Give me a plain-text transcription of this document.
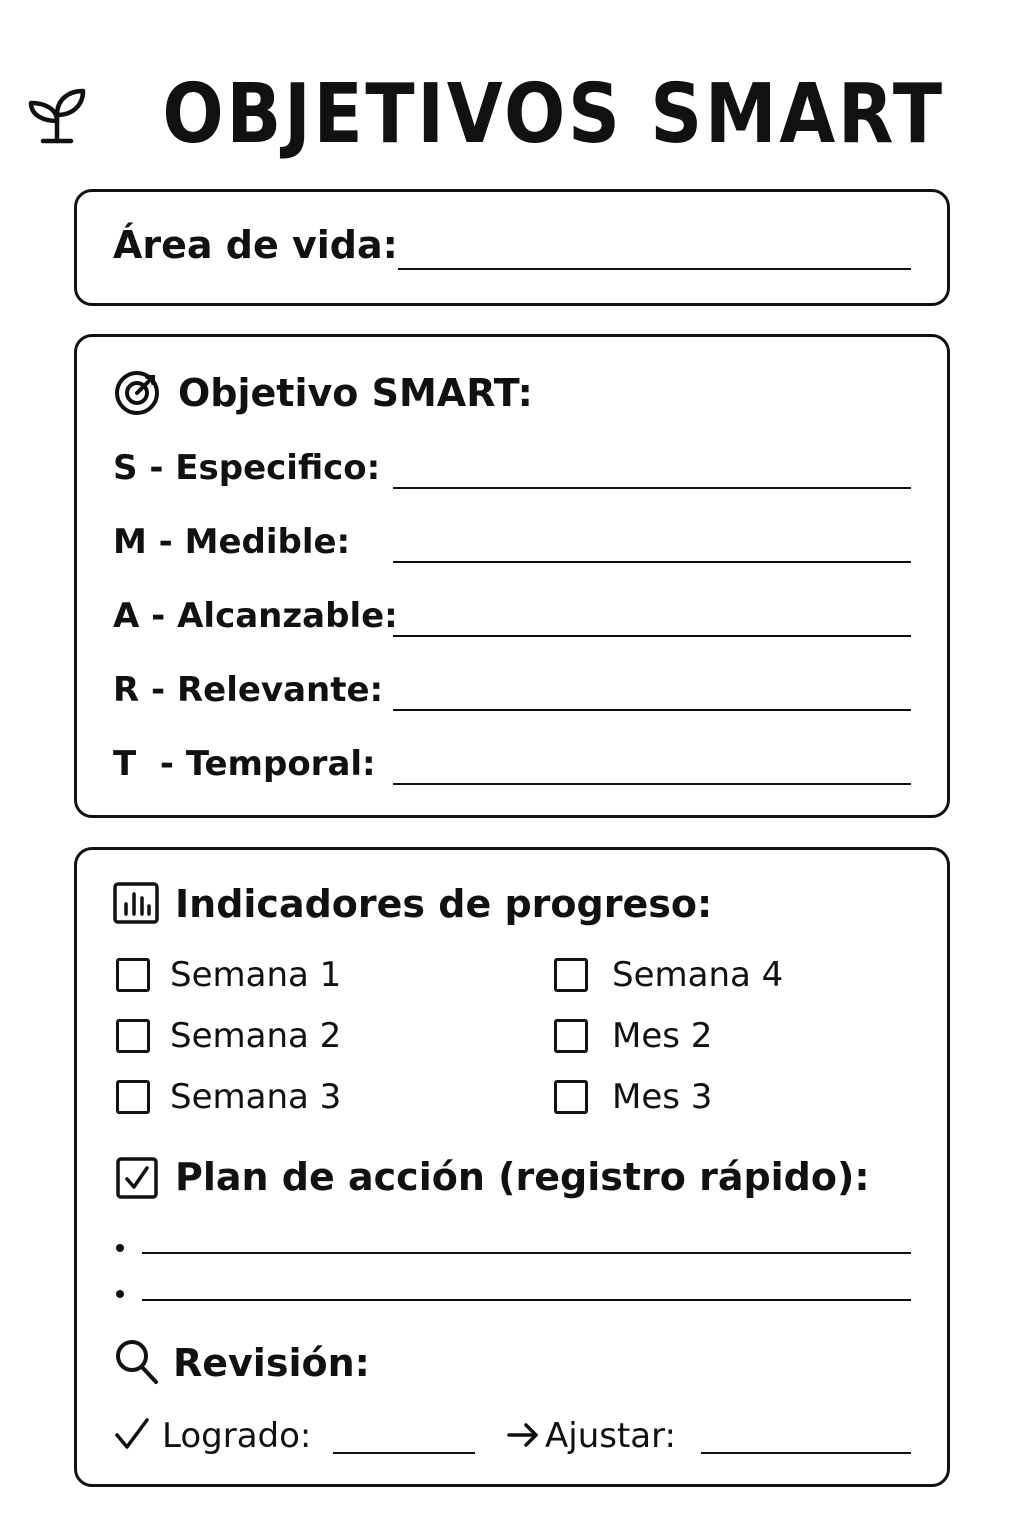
OBJETIVOS SMART
Área de vida:
Objetivo SMART:
S - Especifico:
M - Medible:
A - Alcanzable:
R - Relevante:
T  - Temporal:
Indicadores de progreso:
Semana 1
Semana 2
Semana 3
Semana 4
Mes 2
Mes 3
Plan de acción (registro rápido):
Revisión:
Logrado:	Ajustar:
